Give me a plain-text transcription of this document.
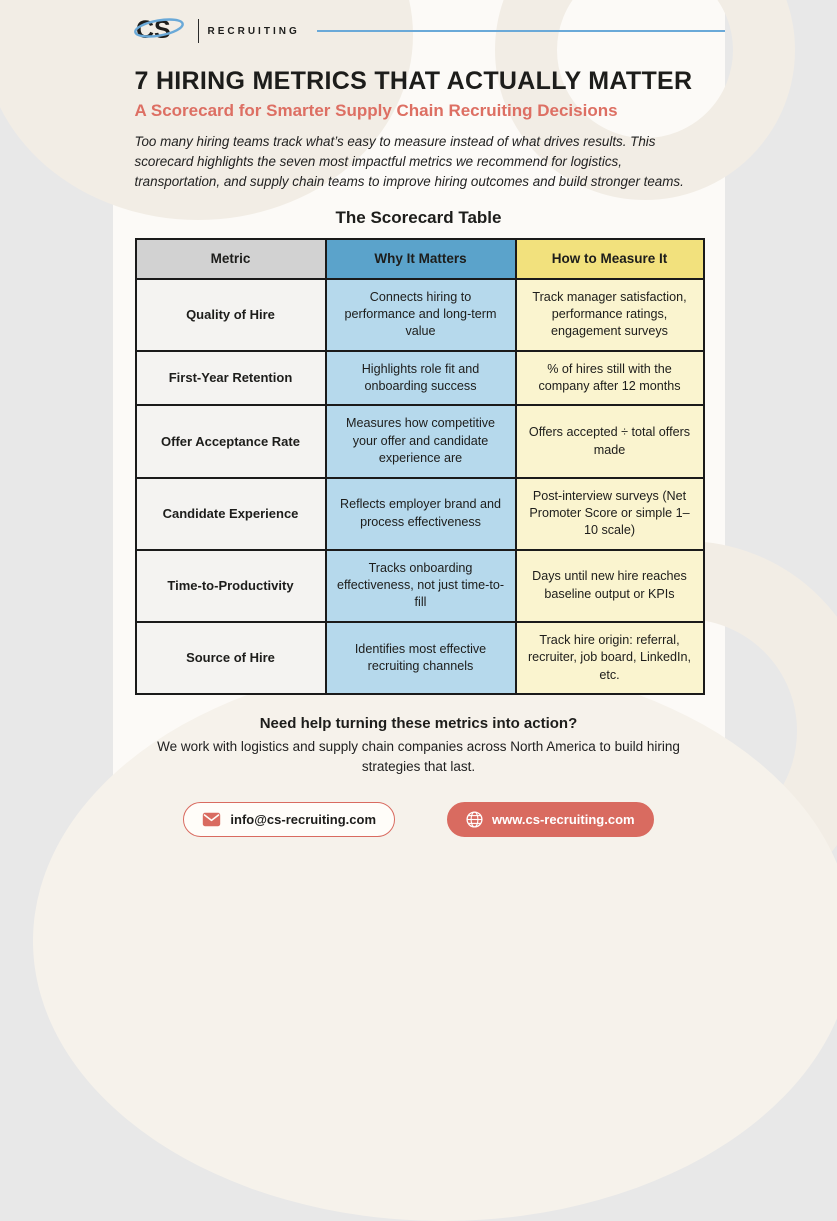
CS	RECRUITING
7 HIRING METRICS THAT ACTUALLY MATTER
A Scorecard for Smarter Supply Chain Recruiting Decisions
Too many hiring teams track what’s easy to measure instead of what drives results. This scorecard highlights the seven most impactful metrics we recommend for logistics, transportation, and supply chain teams to improve hiring outcomes and build stronger teams.
The Scorecard Table
Metric	Why It Matters	How to Measure It
Quality of Hire	Connects hiring to performance and long-term value	Track manager satisfaction, performance ratings, engagement surveys
First-Year Retention	Highlights role fit and onboarding success	% of hires still with the company after 12 months
Offer Acceptance Rate	Measures how competitive your offer and candidate experience are	Offers accepted ÷ total offers made
Candidate Experience	Reflects employer brand and process effectiveness	Post-interview surveys (Net Promoter Score or simple 1–10 scale)
Time-to-Productivity	Tracks onboarding effectiveness, not just time-to-fill	Days until new hire reaches baseline output or KPIs
Source of Hire	Identifies most effective recruiting channels	Track hire origin: referral, recruiter, job board, LinkedIn, etc.
Need help turning these metrics into action?
We work with logistics and supply chain companies across North America to build hiring strategies that last.
info@cs-recruiting.com	www.cs-recruiting.com
